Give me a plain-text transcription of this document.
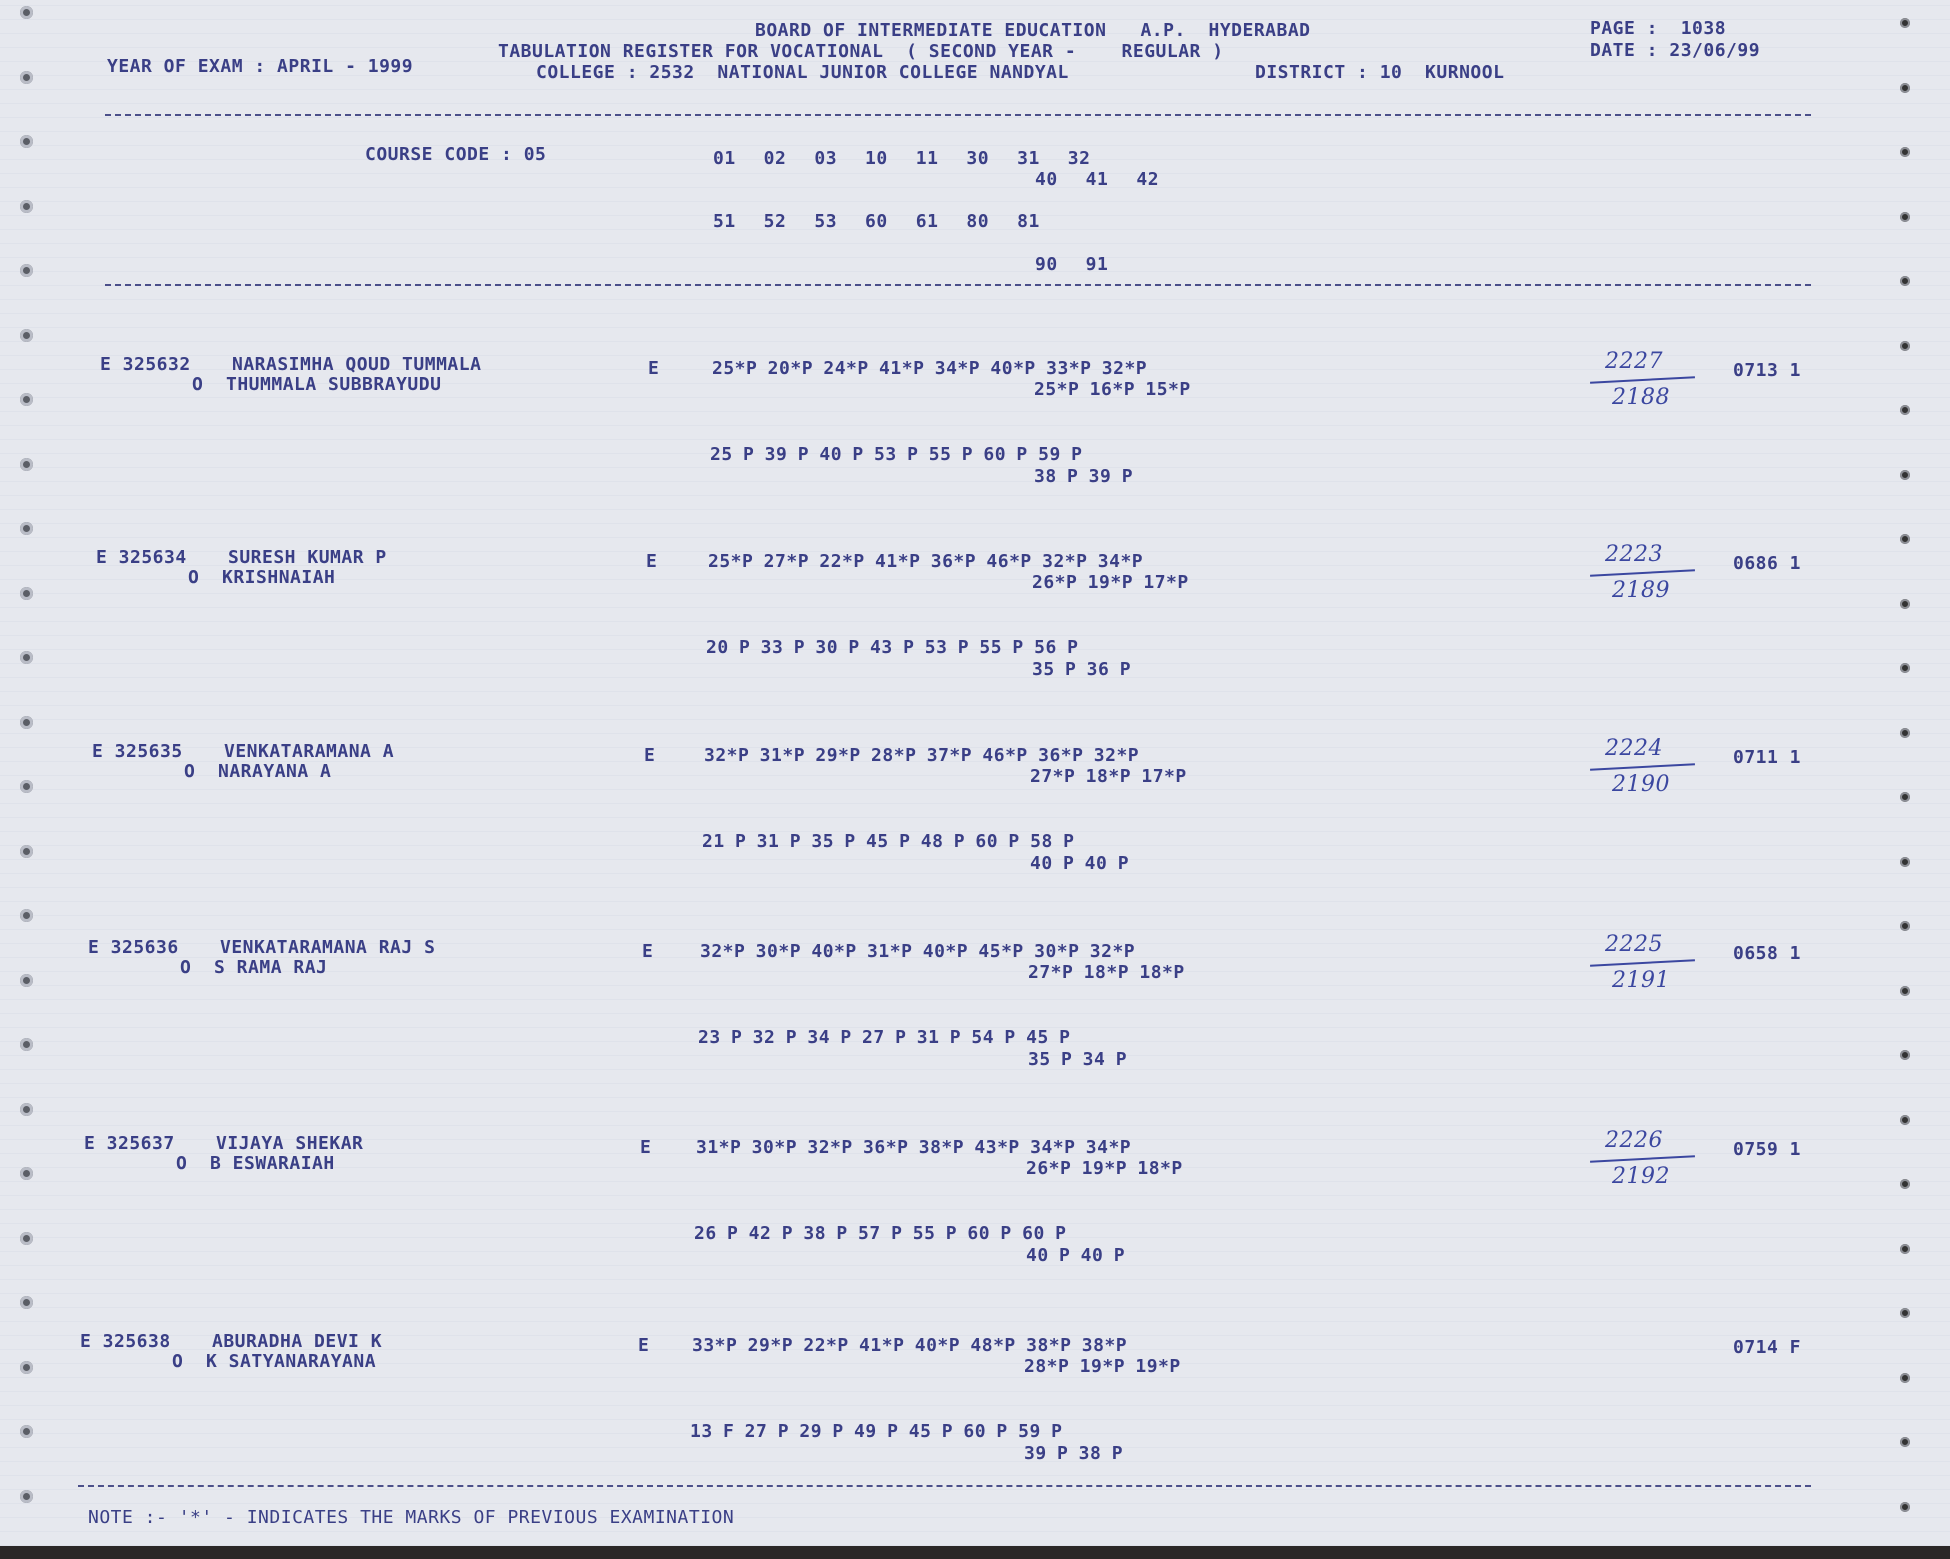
BOARD OF INTERMEDIATE EDUCATION   A.P.  HYDERABAD
TABULATION REGISTER FOR VOCATIONAL  ( SECOND YEAR -    REGULAR )
YEAR OF EXAM : APRIL - 1999	COLLEGE : 2532  NATIONAL JUNIOR COLLEGE NANDYAL	DISTRICT : 10  KURNOOL
PAGE :  1038
DATE : 23/06/99
COURSE CODE : 05	01   02   03   10   11   30   31   32
40   41   42
51   52   53   60   61   80   81
90   91
E 325632 NARASIMHA QOUD TUMMALA
O  THUMMALA SUBBRAYUDU
E	25*P 20*P 24*P 41*P 34*P 40*P 33*P 32*P
25*P 16*P 15*P
25 P 39 P 40 P 53 P 55 P 60 P 59 P
38 P 39 P
0713 1
2227
2188
E 325634 SURESH KUMAR P
O  KRISHNAIAH
E	25*P 27*P 22*P 41*P 36*P 46*P 32*P 34*P
26*P 19*P 17*P
20 P 33 P 30 P 43 P 53 P 55 P 56 P
35 P 36 P
0686 1
2223
2189
E 325635 VENKATARAMANA A
O  NARAYANA A
E	32*P 31*P 29*P 28*P 37*P 46*P 36*P 32*P
27*P 18*P 17*P
21 P 31 P 35 P 45 P 48 P 60 P 58 P
40 P 40 P
0711 1
2224
2190
E 325636 VENKATARAMANA RAJ S
O  S RAMA RAJ
E	32*P 30*P 40*P 31*P 40*P 45*P 30*P 32*P
27*P 18*P 18*P
23 P 32 P 34 P 27 P 31 P 54 P 45 P
35 P 34 P
0658 1
2225
2191
E 325637 VIJAYA SHEKAR
O  B ESWARAIAH
E 31*P 30*P 32*P 36*P 38*P 43*P 34*P 34*P
26*P 19*P 18*P
26 P 42 P 38 P 57 P 55 P 60 P 60 P
40 P 40 P
0759 1
2226
2192
E 325638 ABURADHA DEVI K
O  K SATYANARAYANA
E 33*P 29*P 22*P 41*P 40*P 48*P 38*P 38*P
28*P 19*P 19*P
13 F 27 P 29 P 49 P 45 P 60 P 59 P
39 P 38 P
0714 F
NOTE :- '*' - INDICATES THE MARKS OF PREVIOUS EXAMINATION
